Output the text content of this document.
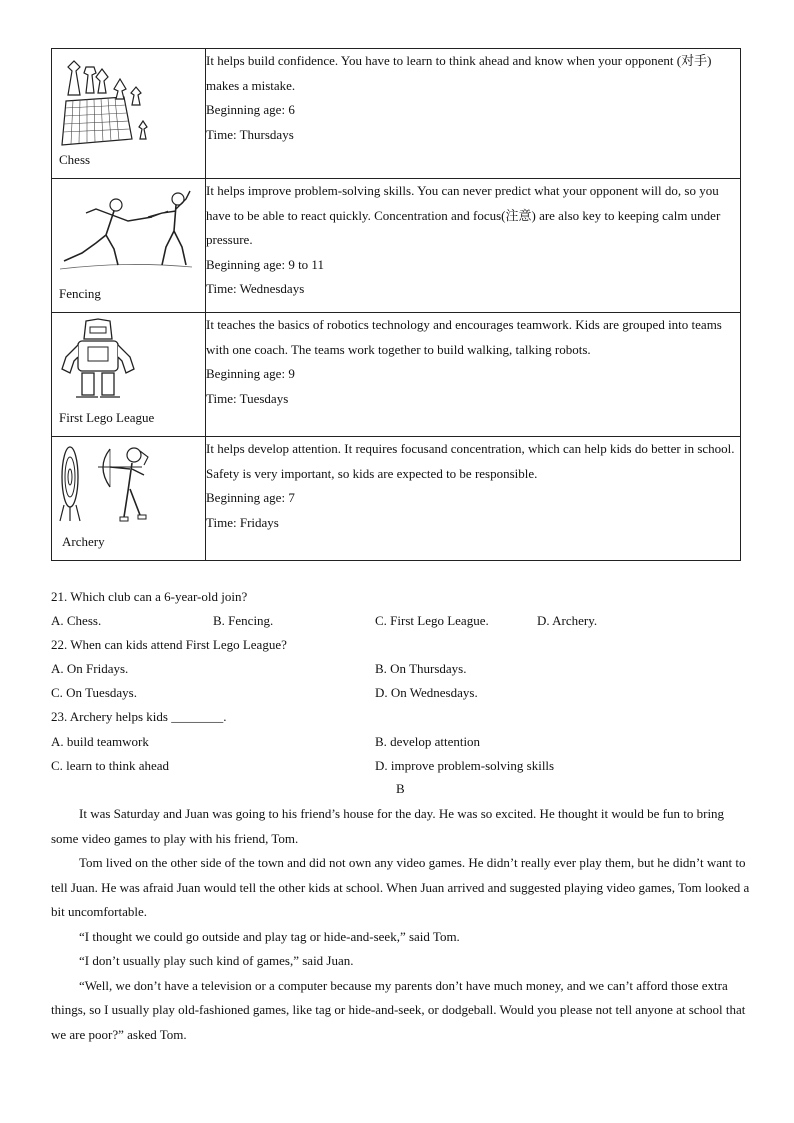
Chess	It helps build confidence. You have to learn to think ahead and know when your opponent (对手) makes a mistake.
Beginning age: 6
Time: Thursdays

Fencing	It helps improve problem-solving skills. You can never predict what your opponent will do, so you have to be able to react quickly. Concentration and focus(注意) are also key to keeping calm under pressure.
Beginning age: 9 to 11
Time: Wednesdays

First Lego League	It teaches the basics of robotics technology and encourages teamwork. Kids are grouped into teams with one coach. The teams work together to build walking, talking robots.
Beginning age: 9
Time: Tuesdays

Archery	It helps develop attention. It requires focusand concentration, which can help kids do better in school. Safety is very important, so kids are expected to be responsible.
Beginning age: 7
Time: Fridays
21. Which club can a 6-year-old join?
A. Chess.	B. Fencing.	C. First Lego League.	D. Archery.
22. When can kids attend First Lego League?
A. On Fridays.	B. On Thursdays.
C. On Tuesdays.	D. On Wednesdays.
23. Archery helps kids ________.
A. build teamwork	B. develop attention
C. learn to think ahead	D. improve problem-solving skills
B

It was Saturday and Juan was going to his friend’s house for the day. He was so excited. He thought it would be fun to bring some video games to play with his friend, Tom.

Tom lived on the other side of the town and did not own any video games. He didn’t really ever play them, but he didn’t want to tell Juan. He was afraid Juan would tell the other kids at school. When Juan arrived and suggested playing video games, Tom looked a bit uncomfortable.

“I thought we could go outside and play tag or hide-and-seek,” said Tom.

“I don’t usually play such kind of games,” said Juan.

“Well, we don’t have a television or a computer because my parents don’t have much money, and we can’t afford those extra things, so I usually play old-fashioned games, like tag or hide-and-seek, or dodgeball. Would you please not tell anyone at school that we are poor?” asked Tom.
